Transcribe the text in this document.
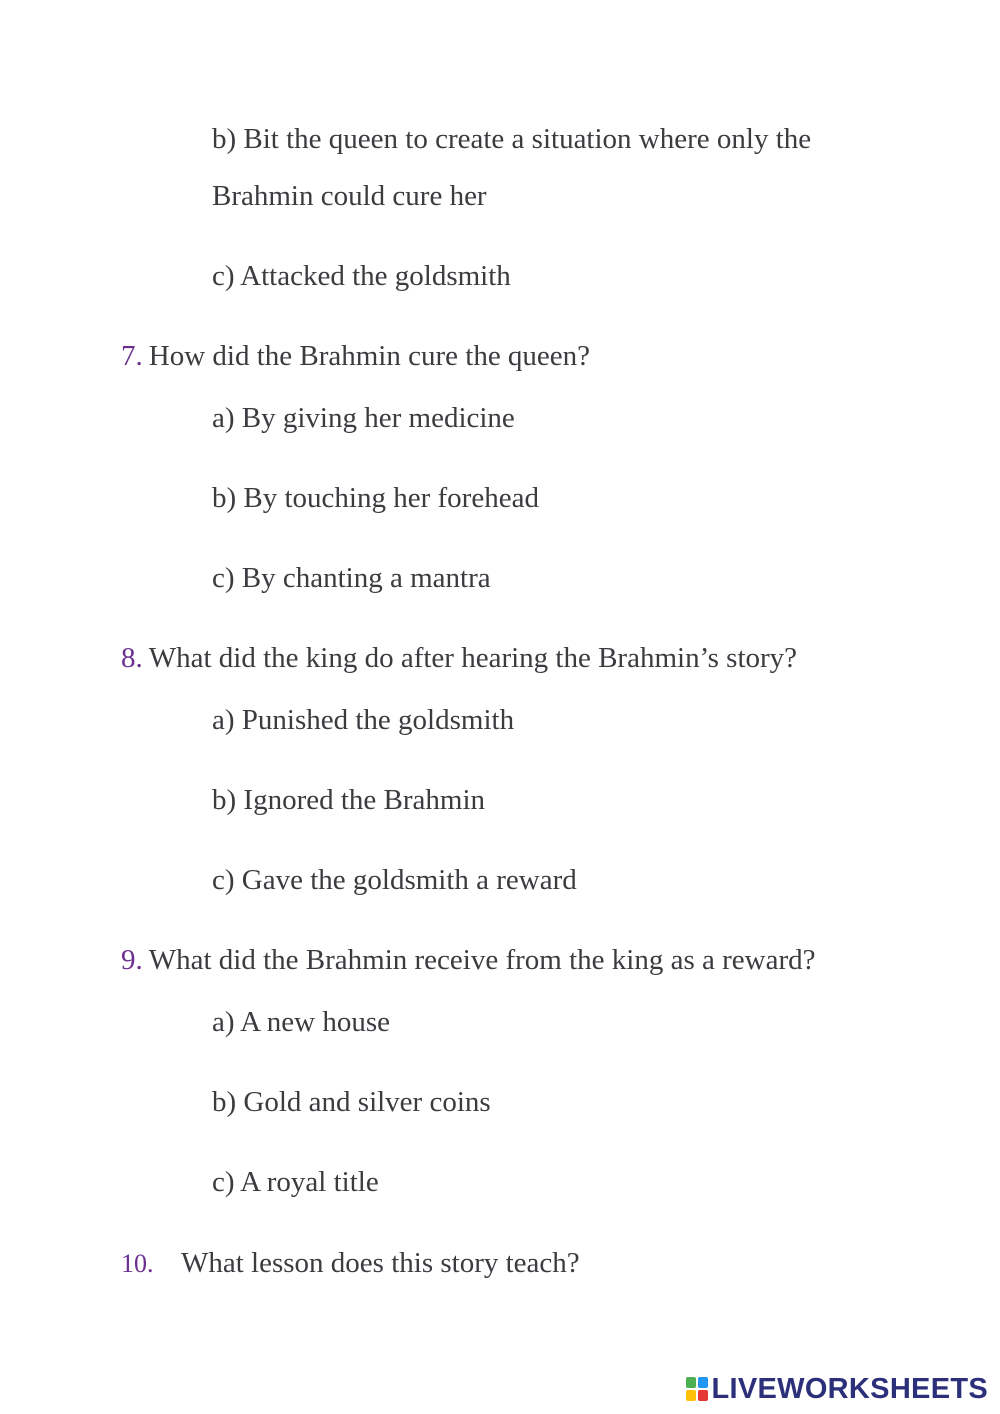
b) Bit the queen to create a situation where only the
Brahmin could cure her
c) Attacked the goldsmith
7. How did the Brahmin cure the queen?
a) By giving her medicine
b) By touching her forehead
c) By chanting a mantra
8. What did the king do after hearing the Brahmin’s story?
a) Punished the goldsmith
b) Ignored the Brahmin
c) Gave the goldsmith a reward
9. What did the Brahmin receive from the king as a reward?
a) A new house
b) Gold and silver coins
c) A royal title
10. What lesson does this story teach?
LIVEWORKSHEETS
